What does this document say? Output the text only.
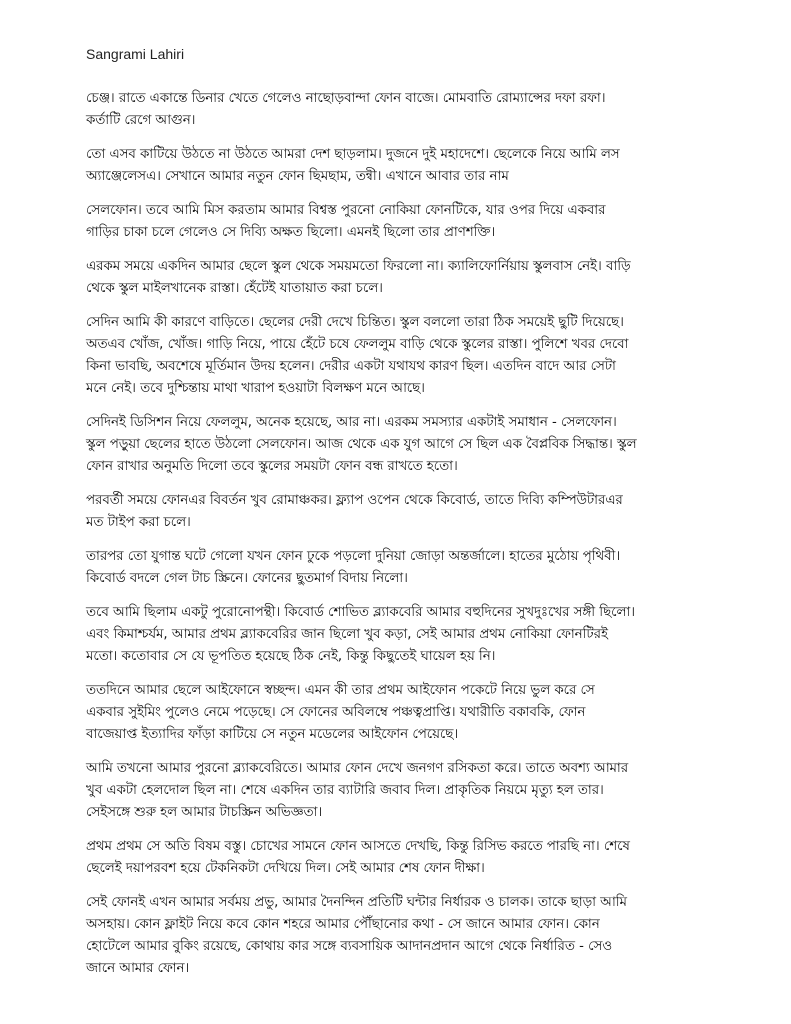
Sangrami Lahiri

চেঞ্জ। রাতে একান্তে ডিনার খেতে গেলেও নাছোড়বান্দা ফোন বাজে। মোমবাতি রোম্যান্সের দফা রফা।
কর্তাটি রেগে আগুন।

তো এসব কাটিয়ে উঠতে না উঠতে আমরা দেশ ছাড়লাম। দুজনে দুই মহাদেশে। ছেলেকে নিয়ে আমি লস
অ্যাঞ্জেলেসএ। সেখানে আমার নতুন ফোন ছিমছাম, তন্বী। এখানে আবার তার নাম

সেলফোন। তবে আমি মিস করতাম আমার বিশ্বস্ত পুরনো নোকিয়া ফোনটিকে, যার ওপর দিয়ে একবার
গাড়ির চাকা চলে গেলেও সে দিব্যি অক্ষত ছিলো। এমনই ছিলো তার প্রাণশক্তি।

এরকম সময়ে একদিন আমার ছেলে স্কুল থেকে সময়মতো ফিরলো না। ক্যালিফোর্নিয়ায় স্কুলবাস নেই। বাড়ি
থেকে স্কুল মাইলখানেক রাস্তা। হেঁটেই যাতায়াত করা চলে।

সেদিন আমি কী কারণে বাড়িতে। ছেলের দেরী দেখে চিন্তিত। স্কুল বললো তারা ঠিক সময়েই ছুটি দিয়েছে।
অতএব খোঁজ, খোঁজ। গাড়ি নিয়ে, পায়ে হেঁটে চষে ফেললুম বাড়ি থেকে স্কুলের রাস্তা। পুলিশে খবর দেবো
কিনা ভাবছি, অবশেষে মূর্তিমান উদয় হলেন। দেরীর একটা যথাযথ কারণ ছিল। এতদিন বাদে আর সেটা
মনে নেই। তবে দুশ্চিন্তায় মাথা খারাপ হওয়াটা বিলক্ষণ মনে আছে।

সেদিনই ডিসিশন নিয়ে ফেললুম, অনেক হয়েছে, আর না। এরকম সমস্যার একটাই সমাধান - সেলফোন।
স্কুল পড়ুয়া ছেলের হাতে উঠলো সেলফোন। আজ থেকে এক যুগ আগে সে ছিল এক বৈপ্লবিক সিদ্ধান্ত। স্কুল
ফোন রাখার অনুমতি দিলো তবে স্কুলের সময়টা ফোন বন্ধ রাখতে হতো।

পরবর্তী সময়ে ফোনএর বিবর্তন খুব রোমাঞ্চকর। ফ্ল্যাপ ওপেন থেকে কিবোর্ড, তাতে দিব্যি কম্পিউটারএর
মত টাইপ করা চলে।

তারপর তো যুগান্ত ঘটে গেলো যখন ফোন ঢুকে পড়লো দুনিয়া জোড়া অন্তর্জালে। হাতের মুঠোয় পৃথিবী।
কিবোর্ড বদলে গেল টাচ স্ক্রিনে। ফোনের ছুতমার্গ বিদায় নিলো।

তবে আমি ছিলাম একটু পুরোনোপন্থী। কিবোর্ড শোভিত ব্ল্যাকবেরি আমার বহুদিনের সুখদুঃখের সঙ্গী ছিলো।
এবং কিমাশ্চর্যম, আমার প্রথম ব্ল্যাকবেরির জান ছিলো খুব কড়া, সেই আমার প্রথম নোকিয়া ফোনটিরই
মতো। কতোবার সে যে ভূপতিত হয়েছে ঠিক নেই, কিন্তু কিছুতেই ঘায়েল হয় নি।

ততদিনে আমার ছেলে আইফোনে স্বচ্ছন্দ। এমন কী তার প্রথম আইফোন পকেটে নিয়ে ভুল করে সে
একবার সুইমিং পুলেও নেমে পড়েছে। সে ফোনের অবিলম্বে পঞ্চত্বপ্রাপ্তি। যথারীতি বকাবকি, ফোন
বাজেয়াপ্ত ইত্যাদির ফাঁড়া কাটিয়ে সে নতুন মডেলের আইফোন পেয়েছে।

আমি তখনো আমার পুরনো ব্ল্যাকবেরিতে। আমার ফোন দেখে জনগণ রসিকতা করে। তাতে অবশ্য আমার
খুব একটা হেলদোল ছিল না। শেষে একদিন তার ব্যাটারি জবাব দিল। প্রাকৃতিক নিয়মে মৃত্যু হল তার।
সেইসঙ্গে শুরু হল আমার টাচস্ক্রিন অভিজ্ঞতা।

প্রথম প্রথম সে অতি বিষম বস্তু। চোখের সামনে ফোন আসতে দেখছি, কিন্তু রিসিভ করতে পারছি না। শেষে
ছেলেই দয়াপরবশ হয়ে টেকনিকটা দেখিয়ে দিল। সেই আমার শেষ ফোন দীক্ষা।

সেই ফোনই এখন আমার সর্বময় প্রভু, আমার দৈনন্দিন প্রতিটি ঘন্টার নির্ধারক ও চালক। তাকে ছাড়া আমি
অসহায়। কোন ফ্লাইট নিয়ে কবে কোন শহরে আমার পৌঁছানোর কথা - সে জানে আমার ফোন। কোন
হোটেলে আমার বুকিং রয়েছে, কোথায় কার সঙ্গে ব্যবসায়িক আদানপ্রদান আগে থেকে নির্ধারিত - সেও
জানে আমার ফোন।
